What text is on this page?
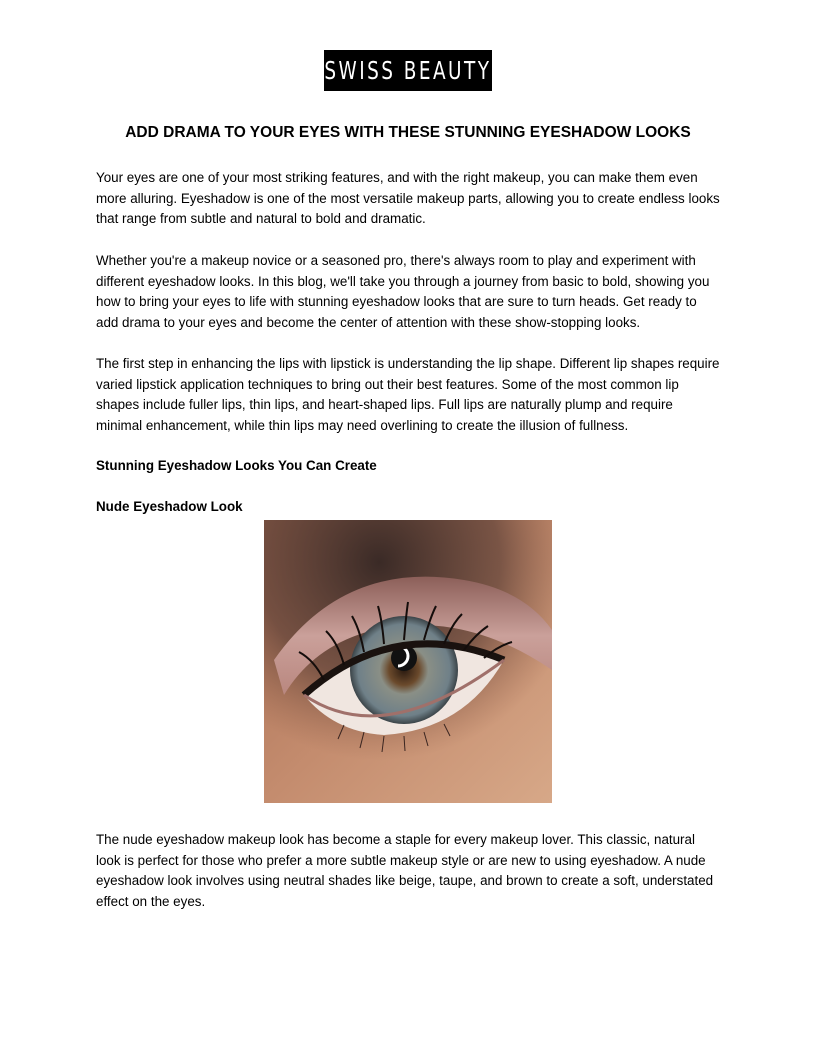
SWISS BEAUTY
ADD DRAMA TO YOUR EYES WITH THESE STUNNING EYESHADOW LOOKS

Your eyes are one of your most striking features, and with the right makeup, you can make them even more alluring. Eyeshadow is one of the most versatile makeup parts, allowing you to create endless looks that range from subtle and natural to bold and dramatic.

Whether you're a makeup novice or a seasoned pro, there's always room to play and experiment with different eyeshadow looks. In this blog, we'll take you through a journey from basic to bold, showing you how to bring your eyes to life with stunning eyeshadow looks that are sure to turn heads. Get ready to add drama to your eyes and become the center of attention with these show-stopping looks.

The first step in enhancing the lips with lipstick is understanding the lip shape. Different lip shapes require varied lipstick application techniques to bring out their best features. Some of the most common lip shapes include fuller lips, thin lips, and heart-shaped lips. Full lips are naturally plump and require minimal enhancement, while thin lips may need overlining to create the illusion of fullness.

Stunning Eyeshadow Looks You Can Create

Nude Eyeshadow Look

The nude eyeshadow makeup look has become a staple for every makeup lover. This classic, natural look is perfect for those who prefer a more subtle makeup style or are new to using eyeshadow. A nude eyeshadow look involves using neutral shades like beige, taupe, and brown to create a soft, understated effect on the eyes.
